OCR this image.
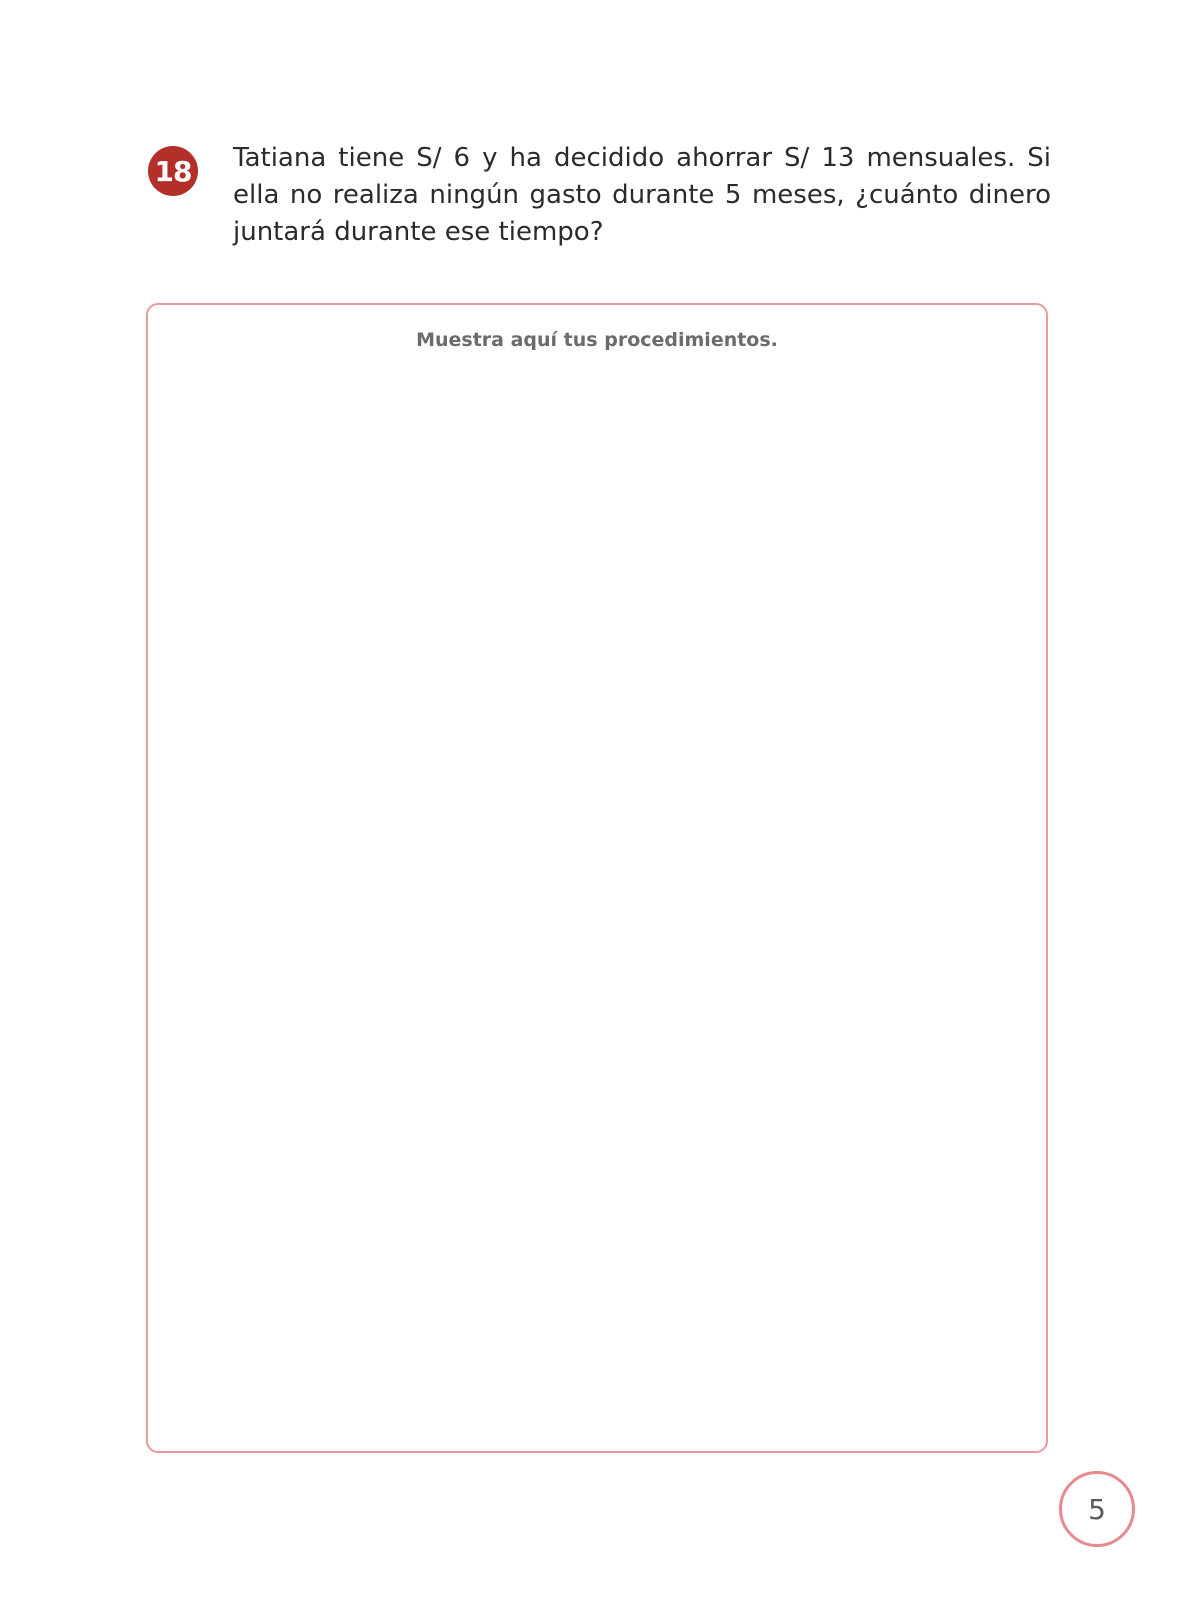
18 Tatiana tiene S/ 6 y ha decidido ahorrar S/ 13 mensuales. Si ella no realiza ningún gasto durante 5 meses, ¿cuánto dinero juntará durante ese tiempo?

Muestra aquí tus procedimientos.
5
